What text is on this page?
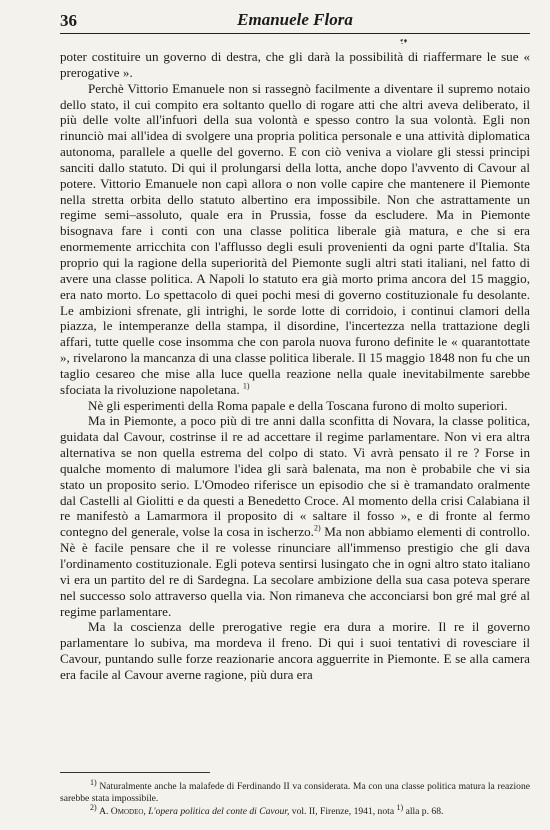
36	Emanuele Flora

poter costituire un governo di destra, che gli darà la possibilità di riaffermare le sue « prerogative ».

Perchè Vittorio Emanuele non si rassegnò facilmente a diventare il supremo notaio dello stato, il cui compito era soltanto quello di rogare atti che altri aveva deliberato, il più delle volte all'infuori della sua volontà e spesso contro la sua volontà. Egli non rinunciò mai all'idea di svolgere una propria politica personale e una attività diplomatica autonoma, parallele a quelle del governo. E con ciò veniva a violare gli stessi principi sanciti dallo statuto. Di qui il prolungarsi della lotta, anche dopo l'avvento di Cavour al potere. Vittorio Emanuele non capì allora o non volle capire che mantenere il Piemonte nella stretta orbita dello statuto albertino era impossibile. Non che astrattamente un regime semi–assoluto, quale era in Prussia, fosse da escludere. Ma in Piemonte bisognava fare i conti con una classe politica liberale già matura, e che si era enormemente arricchita con l'afflusso degli esuli provenienti da ogni parte d'Italia. Sta proprio qui la ragione della superiorità del Piemonte sugli altri stati italiani, nel fatto di avere una classe politica. A Napoli lo statuto era già morto prima ancora del 15 maggio, era nato morto. Lo spettacolo di quei pochi mesi di governo costituzionale fu desolante. Le ambizioni sfrenate, gli intrighi, le sorde lotte di corridoio, i continui clamori della piazza, le intemperanze della stampa, il disordine, l'incertezza nella trattazione degli affari, tutte quelle cose insomma che con parola nuova furono definite le « quarantottate », rivelarono la mancanza di una classe politica liberale. Il 15 maggio 1848 non fu che un taglio cesareo che mise alla luce quella reazione nella quale inevitabilmente sarebbe sfociata la rivoluzione napoletana. $^{1)}$

Nè gli esperimenti della Roma papale e della Toscana furono di molto superiori.

Ma in Piemonte, a poco più di tre anni dalla sconfitta di Novara, la classe politica, guidata dal Cavour, costrinse il re ad accettare il regime parlamentare. Non vi era altra alternativa se non quella estrema del colpo di stato. Vi avrà pensato il re ? Forse in qualche momento di malumore l'idea gli sarà balenata, ma non è probabile che vi sia stato un proposito serio. L'Omodeo riferisce un episodio che si è tramandato oralmente dal Castelli al Giolitti e da questi a Benedetto Croce. Al momento della crisi Calabiana il re manifestò a Lamarmora il proposito di « saltare il fosso », e di fronte al fermo contegno del generale, volse la cosa in ischerzo.$^{2)}$ Ma non abbiamo elementi di controllo. Nè è facile pensare che il re volesse rinunciare all'immenso prestigio che gli dava l'ordinamento costituzionale. Egli poteva sentirsi lusingato che in ogni altro stato italiano vi era un partito del re di Sardegna. La secolare ambizione della sua casa poteva sperare nel successo solo attraverso quella via. Non rimaneva che acconciarsi bon gré mal gré al regime parlamentare.

Ma la coscienza delle prerogative regie era dura a morire. Il re il governo parlamentare lo subiva, ma mordeva il freno. Di qui i suoi tentativi di rovesciare il Cavour, puntando sulle forze reazionarie ancora agguerrite in Piemonte. E se alla camera era facile al Cavour averne ragione, più dura era

$^{1)}$ Naturalmente anche la malafede di Ferdinando II va considerata. Ma con una classe politica matura la reazione sarebbe stata impossibile.

$^{2)}$ A. Omodeo, L'opera politica del conte di Cavour, vol. II, Firenze, 1941, nota $^{1)}$ alla p. 68.
